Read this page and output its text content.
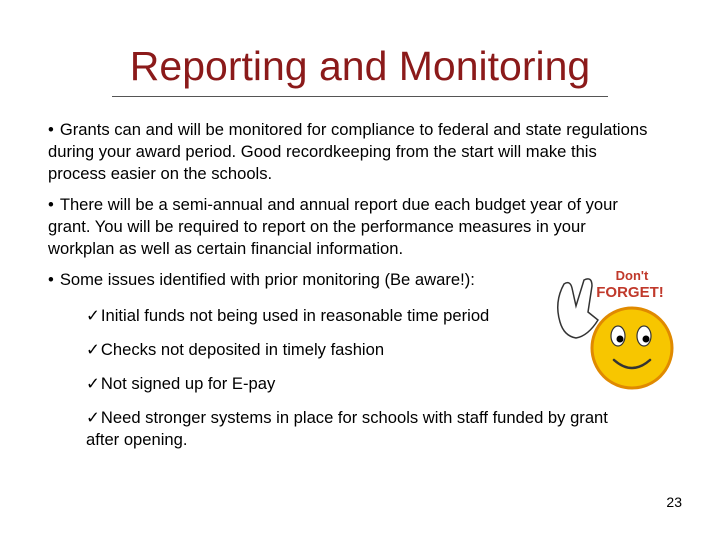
Reporting and Monitoring
• Grants can and will be monitored for compliance to federal and state regulations during your award period. Good recordkeeping from the start will make this process easier on the schools.
• There will be a semi-annual and annual report due each budget year of your grant. You will be required to report on the performance measures in your workplan as well as certain financial information.
• Some issues identified with prior monitoring (Be aware!):
✓Initial funds not being used in reasonable time period
✓Checks not deposited in timely fashion
✓Not signed up for E-pay
✓Need stronger systems in place for schools with staff funded by grant after opening.
Don't
FORGET!
23
